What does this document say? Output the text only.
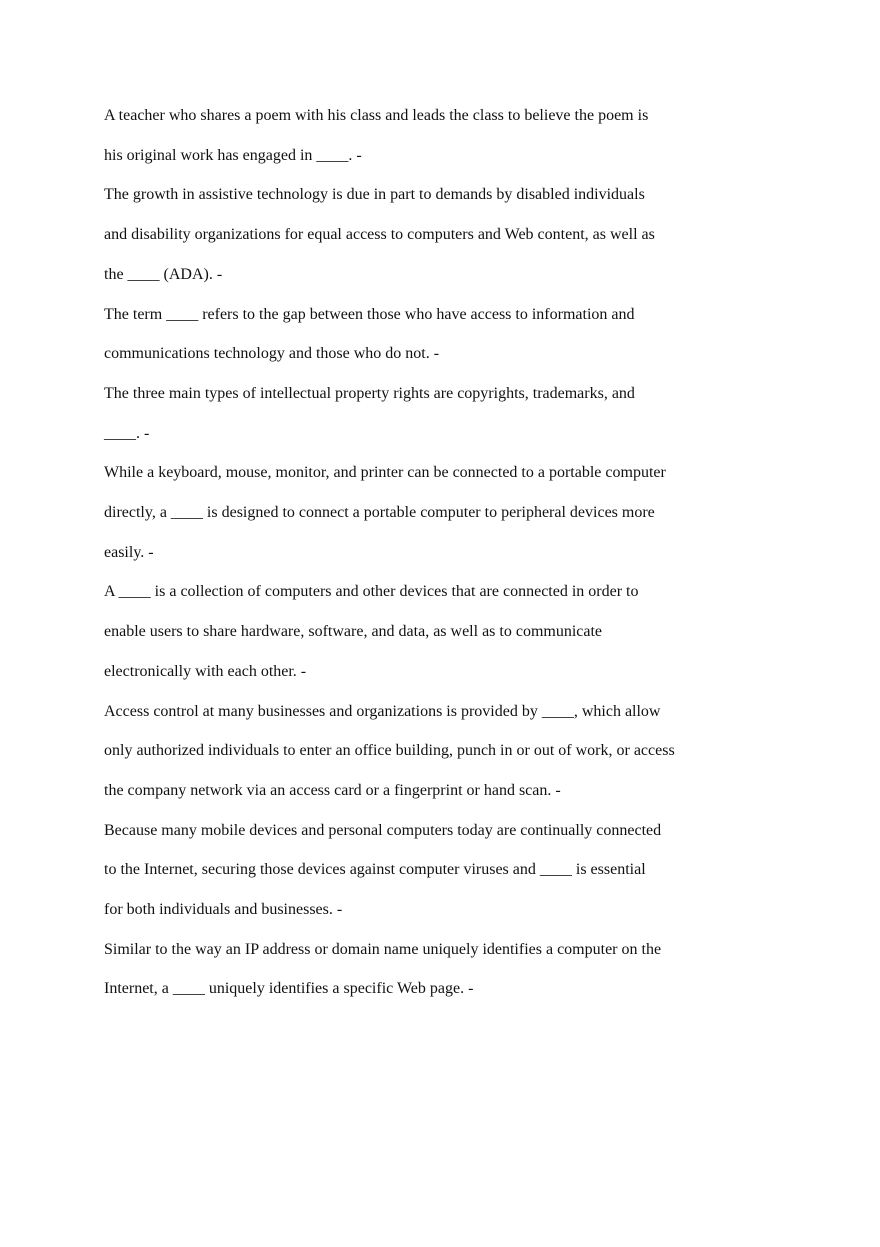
A teacher who shares a poem with his class and leads the class to believe the poem is

his original work has engaged in ____. -

The growth in assistive technology is due in part to demands by disabled individuals

and disability organizations for equal access to computers and Web content, as well as

the ____ (ADA). -

The term ____ refers to the gap between those who have access to information and

communications technology and those who do not. -

The three main types of intellectual property rights are copyrights, trademarks, and

____. -

While a keyboard, mouse, monitor, and printer can be connected to a portable computer

directly, a ____ is designed to connect a portable computer to peripheral devices more

easily. -

A ____ is a collection of computers and other devices that are connected in order to

enable users to share hardware, software, and data, as well as to communicate

electronically with each other. -

Access control at many businesses and organizations is provided by ____, which allow

only authorized individuals to enter an office building, punch in or out of work, or access

the company network via an access card or a fingerprint or hand scan. -

Because many mobile devices and personal computers today are continually connected

to the Internet, securing those devices against computer viruses and ____ is essential

for both individuals and businesses. -

Similar to the way an IP address or domain name uniquely identifies a computer on the

Internet, a ____ uniquely identifies a specific Web page. -
